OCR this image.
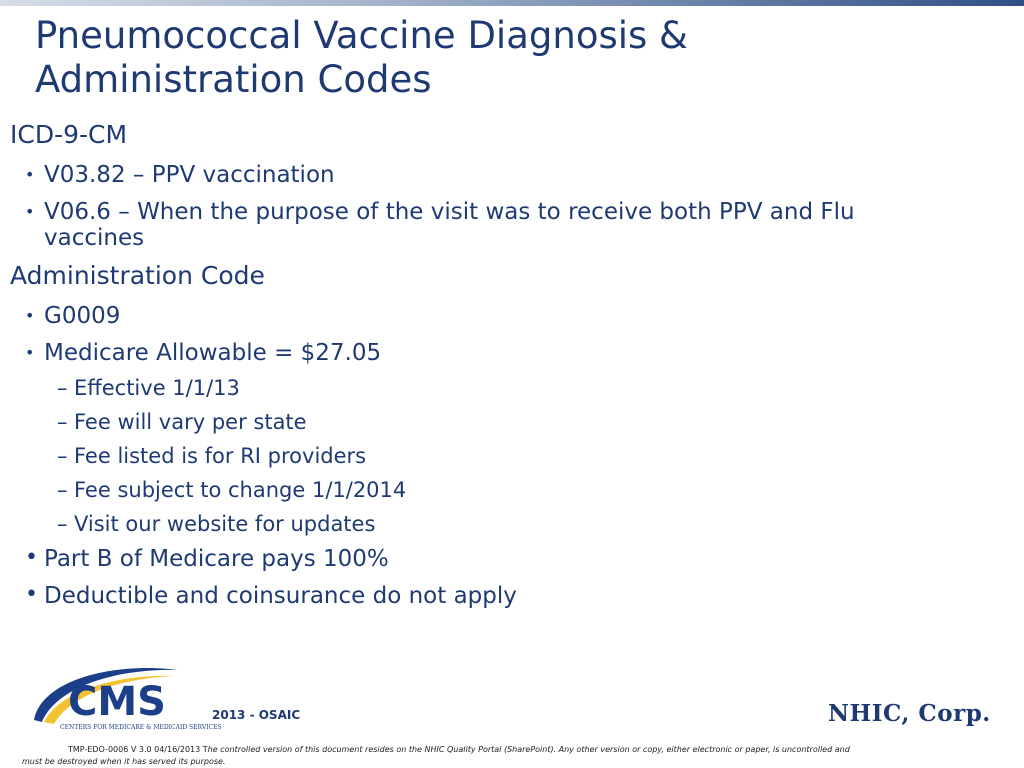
Pneumococcal Vaccine Diagnosis &
Administration Codes
ICD-9-CM
• V03.82 – PPV vaccination
• V06.6 – When the purpose of the visit was to receive both PPV and Flu
vaccines
Administration Code
• G0009
• Medicare Allowable = $27.05
– Effective 1/1/13
– Fee will vary per state
– Fee listed is for RI providers
– Fee subject to change 1/1/2014
– Visit our website for updates
• Part B of Medicare pays 100%
• Deductible and coinsurance do not apply
CMS
CENTERS FOR MEDICARE & MEDICAID SERVICES
2013 - OSAIC	NHIC, Corp.
TMP-EDO-0006 V 3.0 04/16/2013 The controlled version of this document resides on the NHIC Quality Portal (SharePoint). Any other version or copy, either electronic or paper, is uncontrolled and
must be destroyed when it has served its purpose.
